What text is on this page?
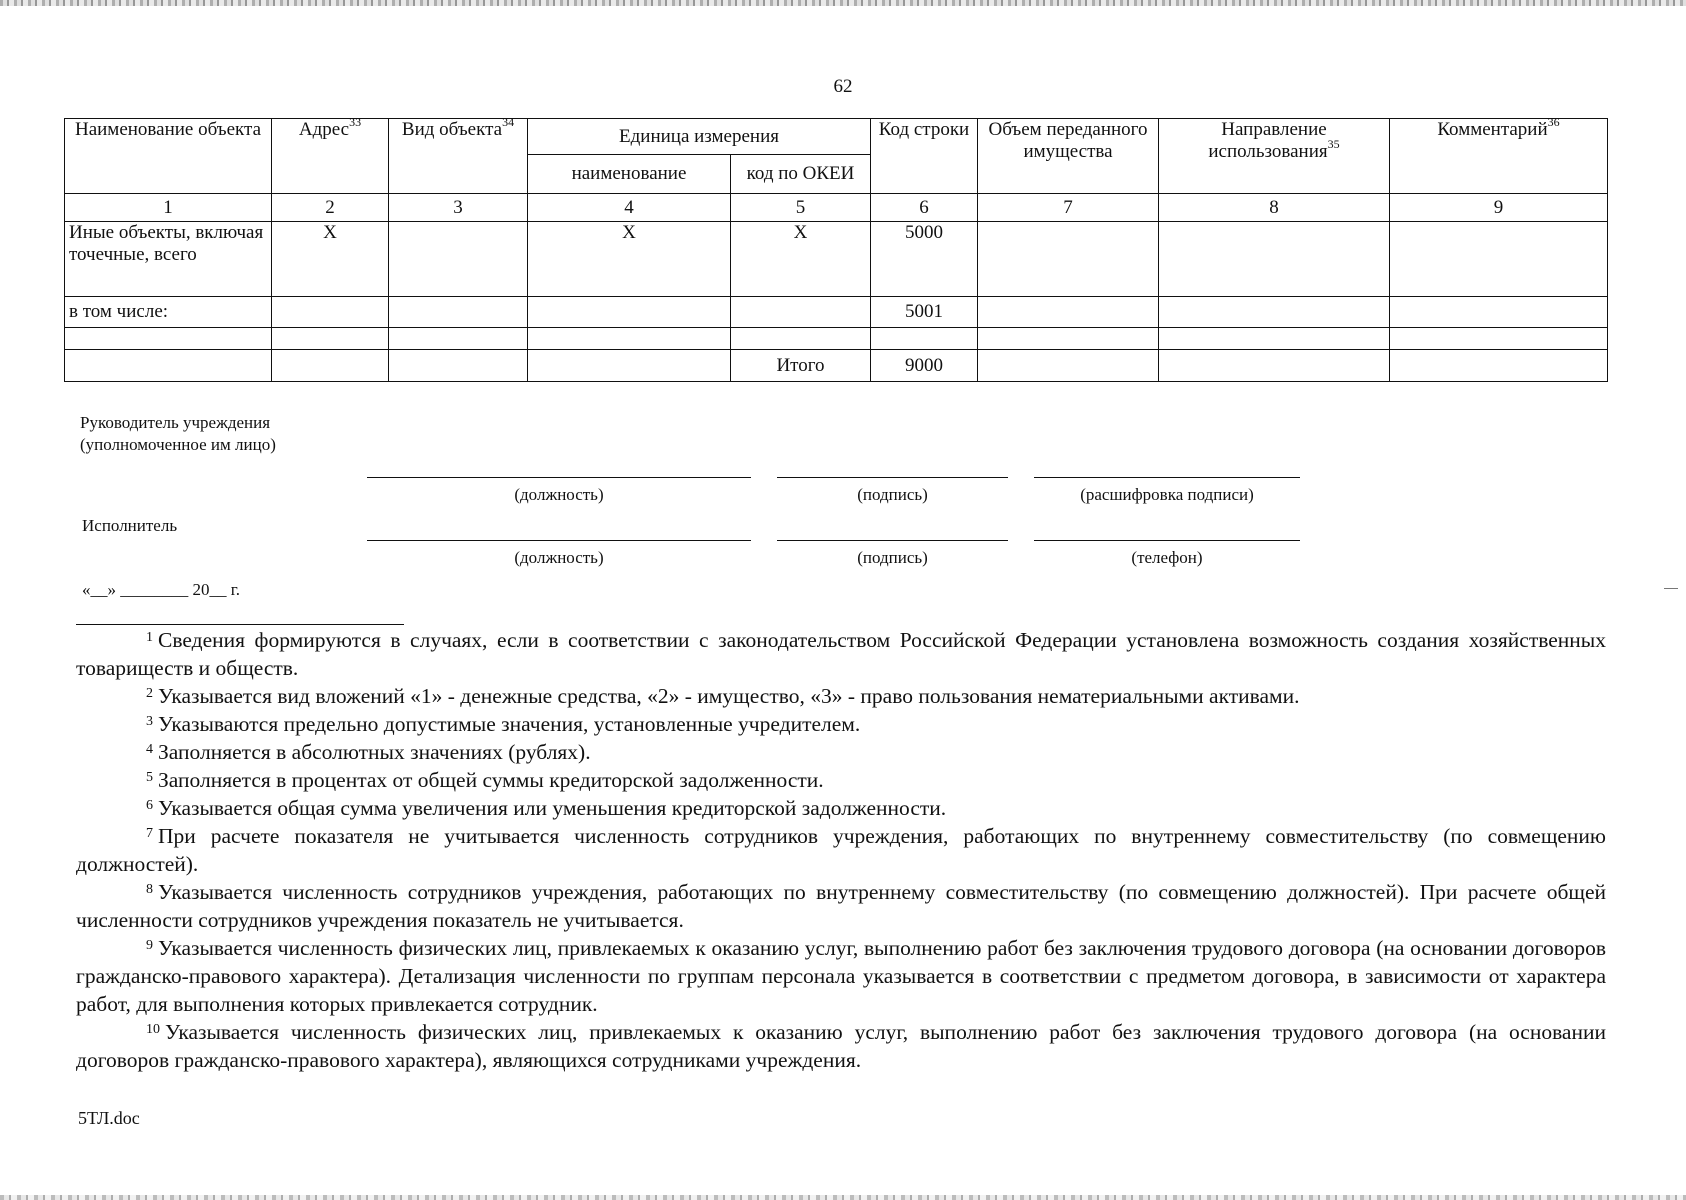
62
Наименование объекта	Адрес$^{33}$	Вид объекта$^{34}$	Единица измерения		Код строки	Объем переданного имущества	Направление использования$^{35}$	Комментарий$^{36}$
			наименование	код по ОКЕИ				
1	2	3	4	5	6	7	8	9
Иные объекты, включая точечные, всего	Х		Х	Х	5000			
в том числе:					5001			

				Итого	9000			
Руководитель учреждения
(уполномоченное им лицо)
(должность)	(подпись)	(расшифровка подписи)
Исполнитель
(должность)	(подпись)	(телефон)
«__» ________ 20__ г.

$^1$ Сведения формируются в случаях, если в соответствии с законодательством Российской Федерации установлена возможность создания хозяйственных товариществ и обществ.

$^2$ Указывается вид вложений «1» - денежные средства, «2» - имущество, «3» - право пользования нематериальными активами.

$^3$ Указываются предельно допустимые значения, установленные учредителем.

$^4$ Заполняется в абсолютных значениях (рублях).

$^5$ Заполняется в процентах от общей суммы кредиторской задолженности.

$^6$ Указывается общая сумма увеличения или уменьшения кредиторской задолженности.

$^7$ При расчете показателя не учитывается численность сотрудников учреждения, работающих по внутреннему совместительству (по совмещению должностей).

$^8$ Указывается численность сотрудников учреждения, работающих по внутреннему совместительству (по совмещению должностей). При расчете общей численности сотрудников учреждения показатель не учитывается.

$^9$ Указывается численность физических лиц, привлекаемых к оказанию услуг, выполнению работ без заключения трудового договора (на основании договоров гражданско-правового характера). Детализация численности по группам персонала указывается в соответствии с предметом договора, в зависимости от характера работ, для выполнения которых привлекается сотрудник.

$^{10}$ Указывается численность физических лиц, привлекаемых к оказанию услуг, выполнению работ без заключения трудового договора (на основании договоров гражданско-правового характера), являющихся сотрудниками учреждения.

5ТЛ.doc
